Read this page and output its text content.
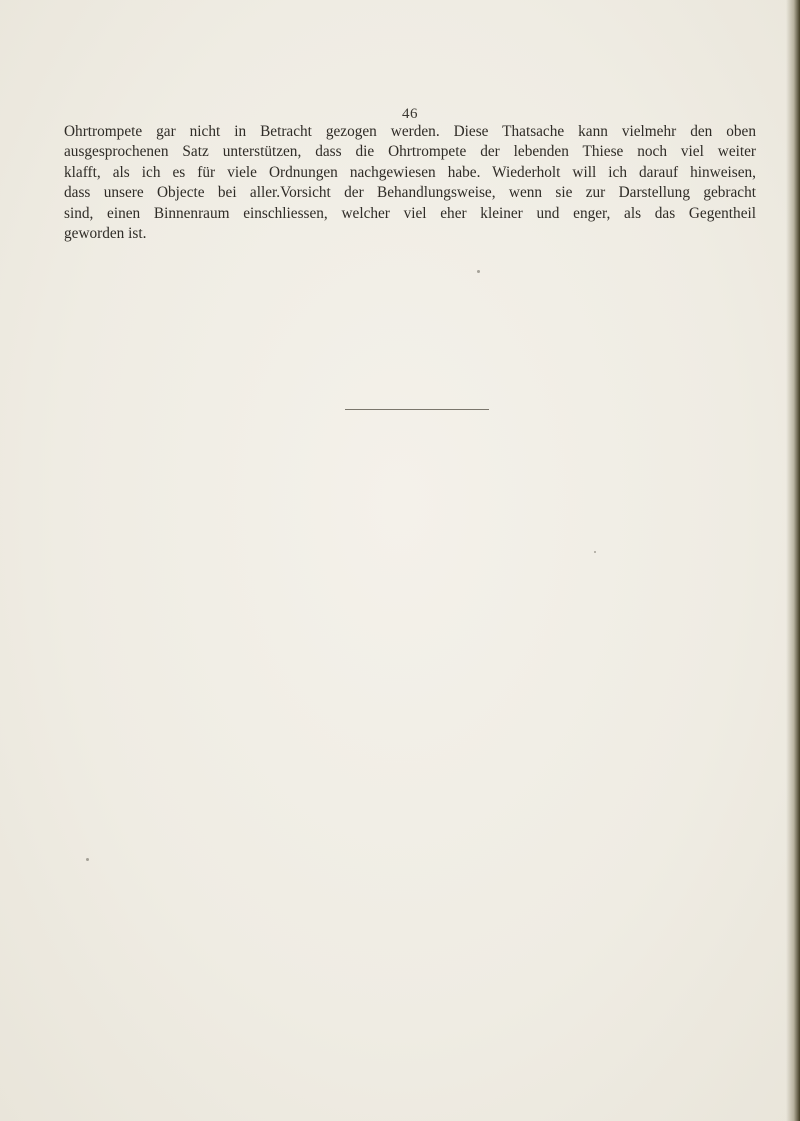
46
Ohrtrompete gar nicht in Betracht gezogen werden. Diese Thatsache kann vielmehr den oben
ausgesprochenen Satz unterstützen, dass die Ohrtrompete der lebenden Thiese noch viel weiter
klafft, als ich es für viele Ordnungen nachgewiesen habe. Wiederholt will ich darauf hinweisen,
dass unsere Objecte bei aller.Vorsicht der Behandlungsweise, wenn sie zur Darstellung gebracht
sind, einen Binnenraum einschliessen, welcher viel eher kleiner und enger, als das Gegentheil
geworden ist.
